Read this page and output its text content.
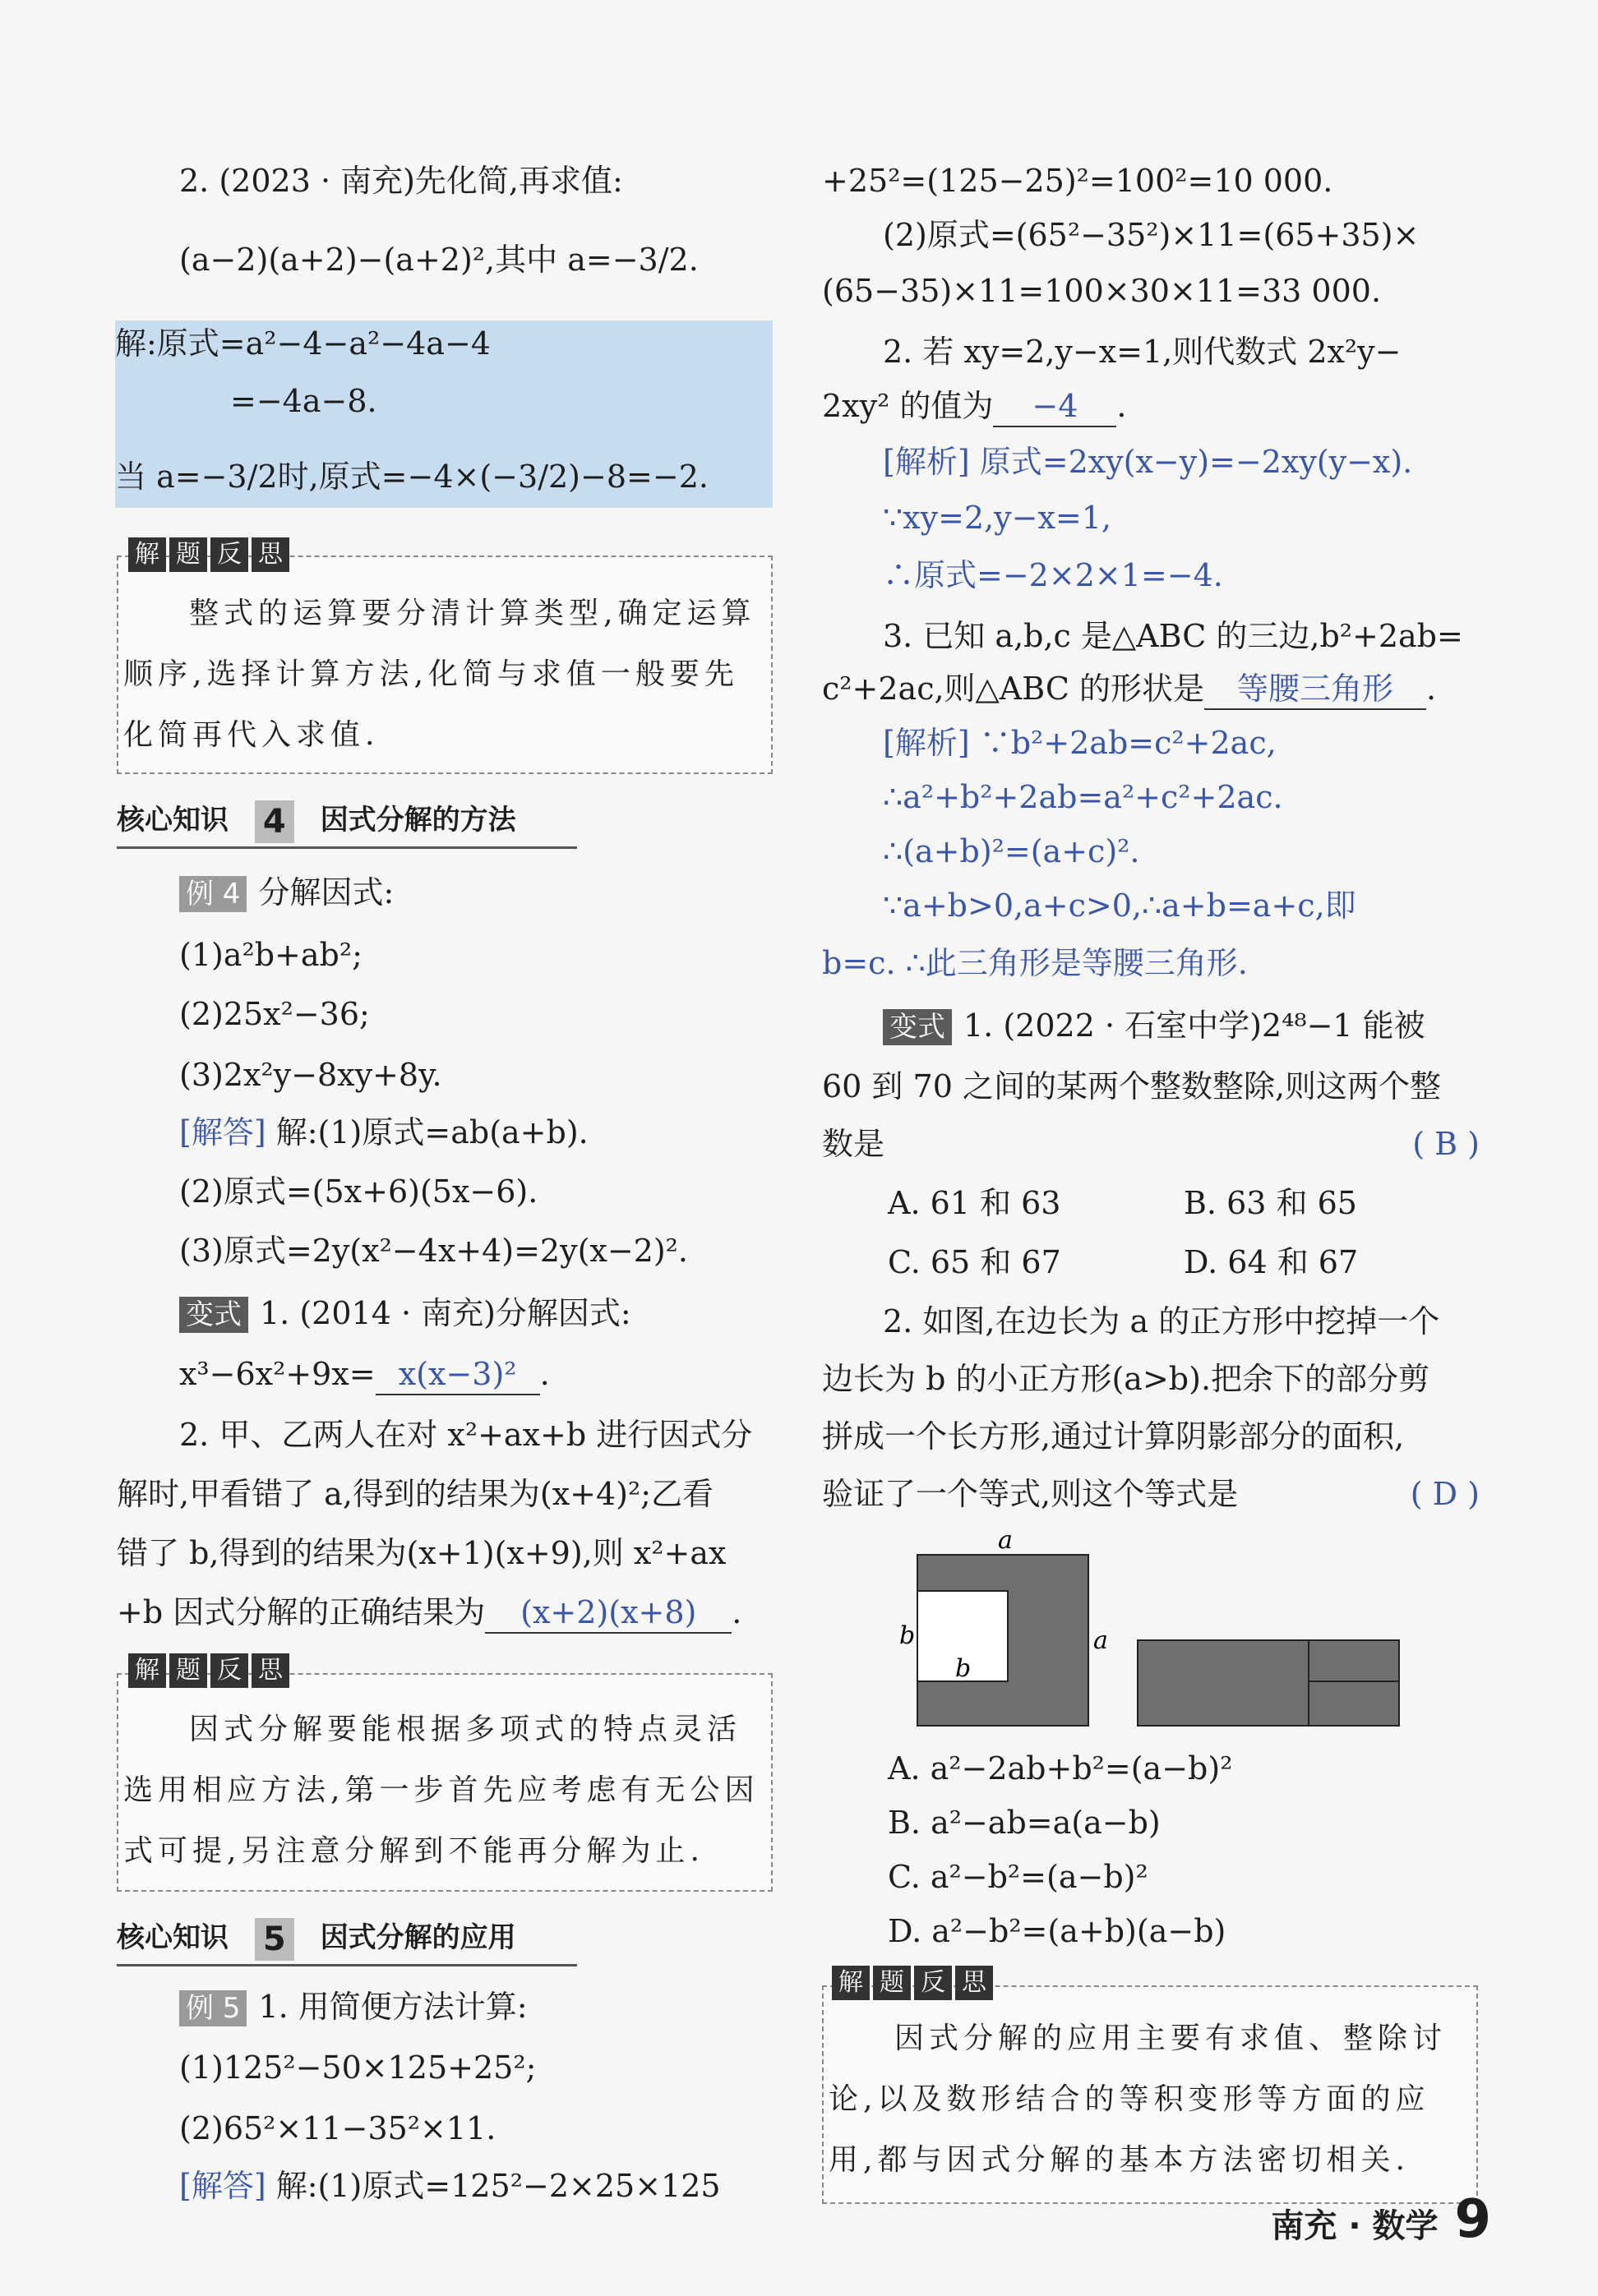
2. (2023 · 南充)先化简,再求值:
(a−2)(a+2)−(a+2)²,其中 a=−3/2.
解:原式=a²−4−a²−4a−4
=−4a−8.
当 a=−3/2时,原式=−4×(−3/2)−8=−2.
解 题 反 思
整式的运算要分清计算类型,确定运算顺序,选择计算方法,化简与求值一般要先化简再代入求值.
核心知识 4 因式分解的方法
例 4 分解因式:
(1)a²b+ab²;
(2)25x²−36;
(3)2x²y−8xy+8y.
[解答] 解:(1)原式=ab(a+b).
(2)原式=(5x+6)(5x−6).
(3)原式=2y(x²−4x+4)=2y(x−2)².
变式 1. (2014 · 南充)分解因式:
x³−6x²+9x= x(x−3)² .
2. 甲、乙两人在对 x²+ax+b 进行因式分
解时,甲看错了 a,得到的结果为(x+4)²;乙看
错了 b,得到的结果为(x+1)(x+9),则 x²+ax
+b 因式分解的正确结果为 (x+2)(x+8) .
解 题 反 思
因式分解要能根据多项式的特点灵活选用相应方法,第一步首先应考虑有无公因式可提,另注意分解到不能再分解为止.
核心知识 5 因式分解的应用
例 5 1. 用简便方法计算:
(1)125²−50×125+25²;
(2)65²×11−35²×11.
[解答] 解:(1)原式=125²−2×25×125
+25²=(125−25)²=100²=10 000.
(2)原式=(65²−35²)×11=(65+35)×
(65−35)×11=100×30×11=33 000.
2. 若 xy=2,y−x=1,则代数式 2x²y−
2xy² 的值为 −4 .
[解析] 原式=2xy(x−y)=−2xy(y−x).
∵xy=2,y−x=1,
∴原式=−2×2×1=−4.
3. 已知 a,b,c 是△ABC 的三边,b²+2ab=
c²+2ac,则△ABC 的形状是 等腰三角形 .
[解析] ∵b²+2ab=c²+2ac,
∴a²+b²+2ab=a²+c²+2ac.
∴(a+b)²=(a+c)².
∵a+b>0,a+c>0,∴a+b=a+c,即
b=c. ∴此三角形是等腰三角形.
变式 1. (2022 · 石室中学)2⁴⁸−1 能被
60 到 70 之间的某两个整数整除,则这两个整
数是	( B )
A. 61 和 63	B. 63 和 65
C. 65 和 67	D. 64 和 67
2. 如图,在边长为 a 的正方形中挖掉一个
边长为 b 的小正方形(a>b).把余下的部分剪
拼成一个长方形,通过计算阴影部分的面积,
验证了一个等式,则这个等式是	( D )
a
b
b
a
A. a²−2ab+b²=(a−b)²
B. a²−ab=a(a−b)
C. a²−b²=(a−b)²
D. a²−b²=(a+b)(a−b)
解 题 反 思
因式分解的应用主要有求值、整除讨论,以及数形结合的等积变形等方面的应用,都与因式分解的基本方法密切相关.
南充 · 数学 9
